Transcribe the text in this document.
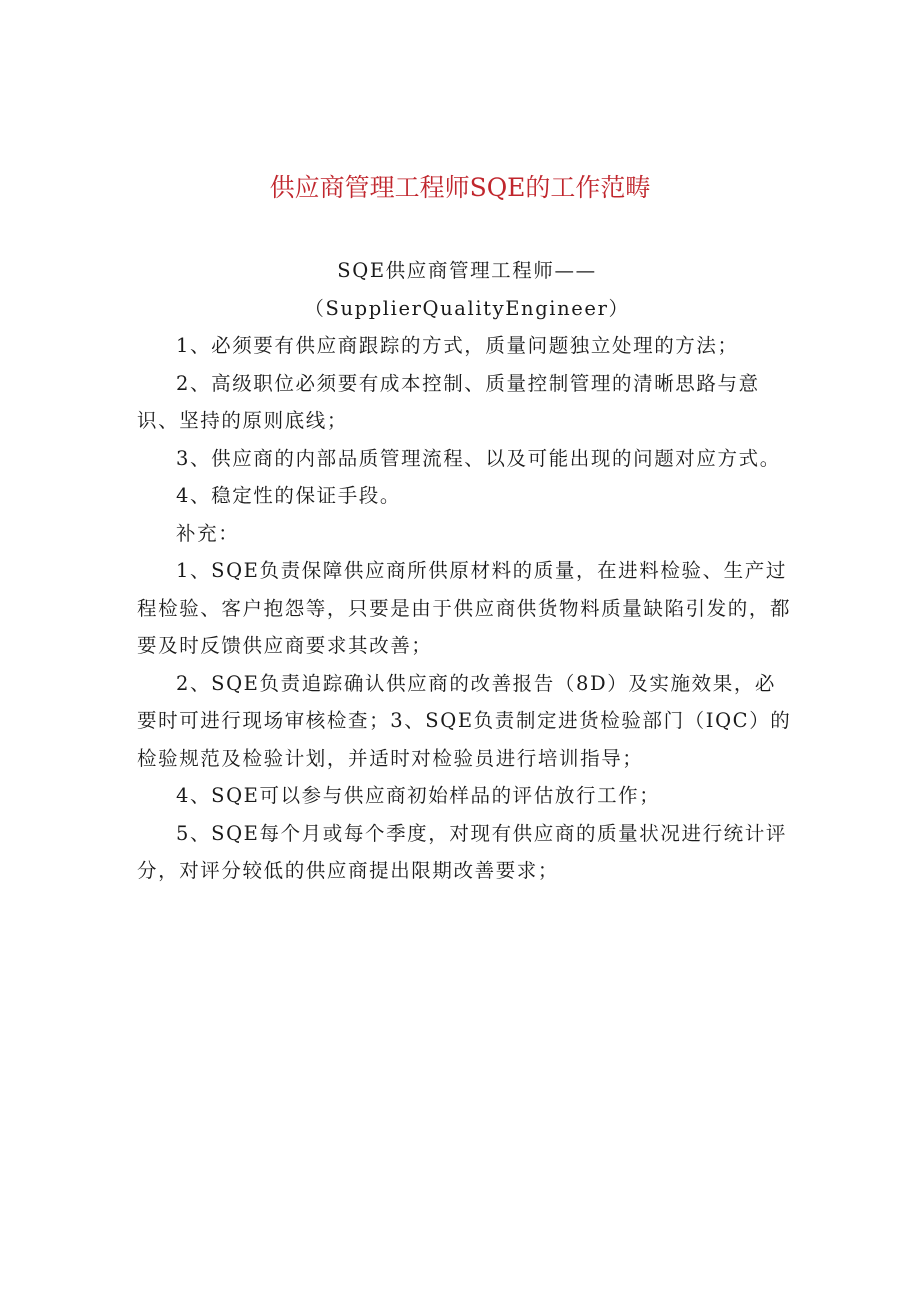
供应商管理工程师SQE的工作范畴
SQE供应商管理工程师——
（SupplierQualityEngineer）

1、必须要有供应商跟踪的方式，质量问题独立处理的方法；

2、高级职位必须要有成本控制、质量控制管理的清晰思路与意识、坚持的原则底线；

3、供应商的内部品质管理流程、以及可能出现的问题对应方式。

4、稳定性的保证手段。

补充：

1、SQE负责保障供应商所供原材料的质量，在进料检验、生产过程检验、客户抱怨等，只要是由于供应商供货物料质量缺陷引发的，都要及时反馈供应商要求其改善；

2、SQE负责追踪确认供应商的改善报告（8D）及实施效果，必要时可进行现场审核检查；3、SQE负责制定进货检验部门（IQC）的检验规范及检验计划，并适时对检验员进行培训指导；

4、SQE可以参与供应商初始样品的评估放行工作；

5、SQE每个月或每个季度，对现有供应商的质量状况进行统计评分，对评分较低的供应商提出限期改善要求；
